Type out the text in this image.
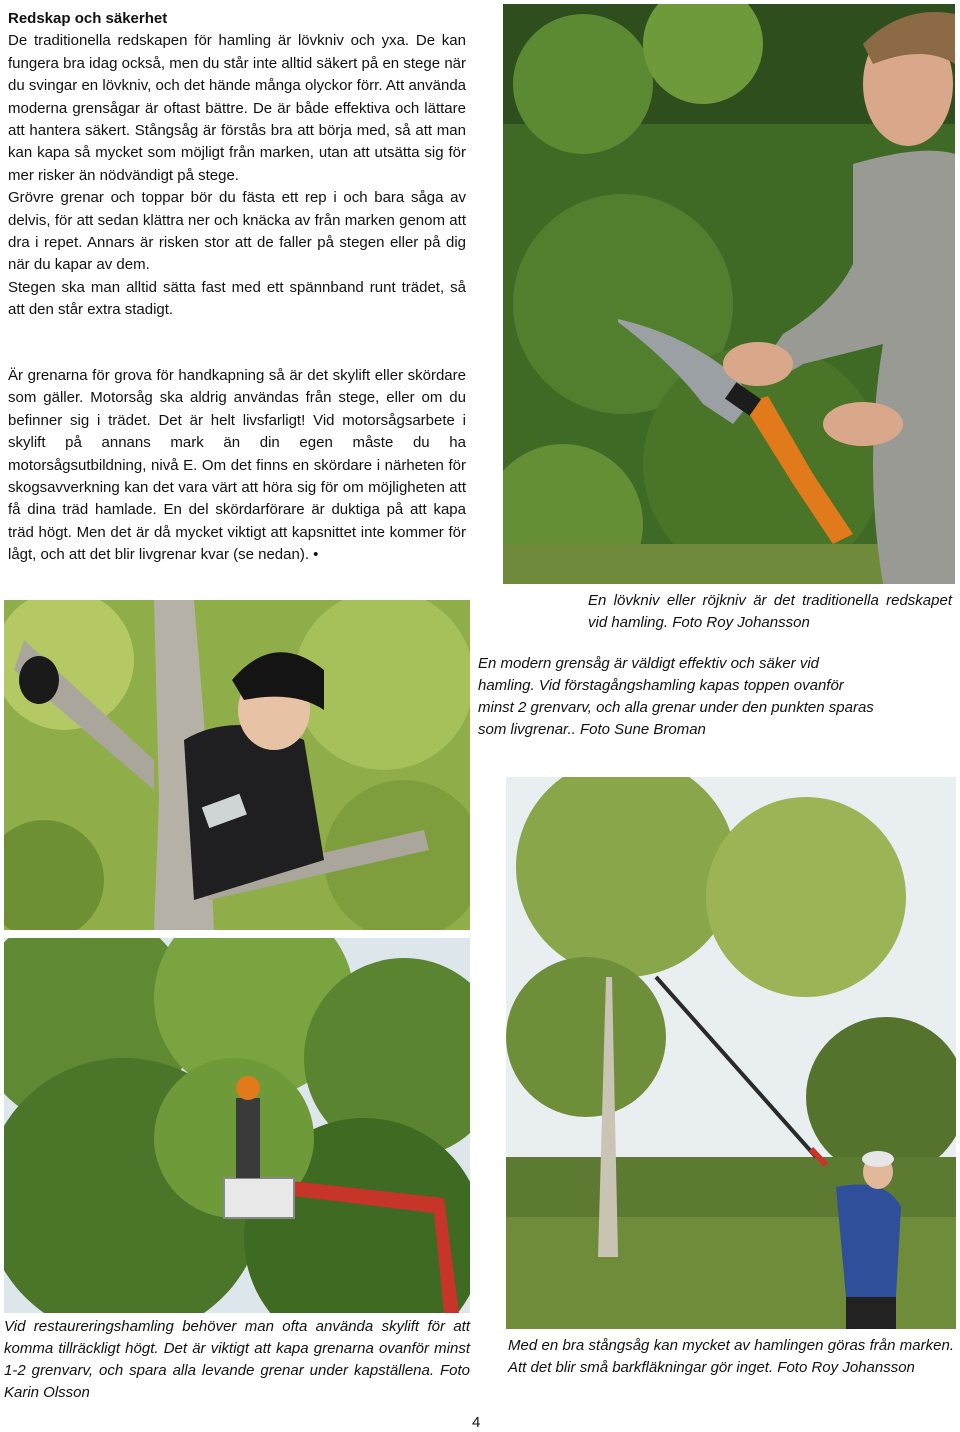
Redskap och säkerhet

De traditionella redskapen för hamling är lövkniv och yxa. De kan fungera bra idag också, men du står inte alltid säkert på en stege när du svingar en lövkniv, och det hände många olyckor förr. Att använda moderna grensågar är oftast bättre. De är både effektiva och lättare att hantera säkert. Stångsåg är förstås bra att börja med, så att man kan kapa så mycket som möjligt från marken, utan att utsätta sig för mer risker än nödvändigt på stege.

Grövre grenar och toppar bör du fästa ett rep i och bara såga av delvis, för att sedan klättra ner och knäcka av från marken genom att dra i repet. Annars är risken stor att de faller på stegen eller på dig när du kapar av dem.

Stegen ska man alltid sätta fast med ett spännband runt trädet, så att den står extra stadigt.

Är grenarna för grova för handkapning så är det skylift eller skördare som gäller. Motorsåg ska aldrig användas från stege, eller om du befinner sig i trädet. Det är helt livsfarligt! Vid motorsågsarbete i skylift på annans mark än din egen måste du ha motorsågsutbildning, nivå E. Om det finns en skördare i närheten för skogsavverkning kan det vara värt att höra sig för om möjligheten att få dina träd hamlade. En del skördarförare är duktiga på att kapa träd högt. Men det är då mycket viktigt att kapsnittet inte kommer för lågt, och att det blir livgrenar kvar (se nedan). •

En lövkniv eller röjkniv är det traditionella redskapet vid hamling. Foto Roy Johansson
En modern grensåg är väldigt effektiv och säker vid hamling. Vid förstagångshamling kapas toppen ovanför minst 2 grenvarv, och alla grenar under den punkten sparas som livgrenar.. Foto Sune Broman
Vid restaureringshamling behöver man ofta använda skylift för att komma tillräckligt högt. Det är viktigt att kapa grenarna ovanför minst 1-2 grenvarv, och spara alla levande grenar under kapställena. Foto Karin Olsson
Med en bra stångsåg kan mycket av hamlingen göras från marken. Att det blir små barkfläkningar gör inget. Foto Roy Johansson
4
